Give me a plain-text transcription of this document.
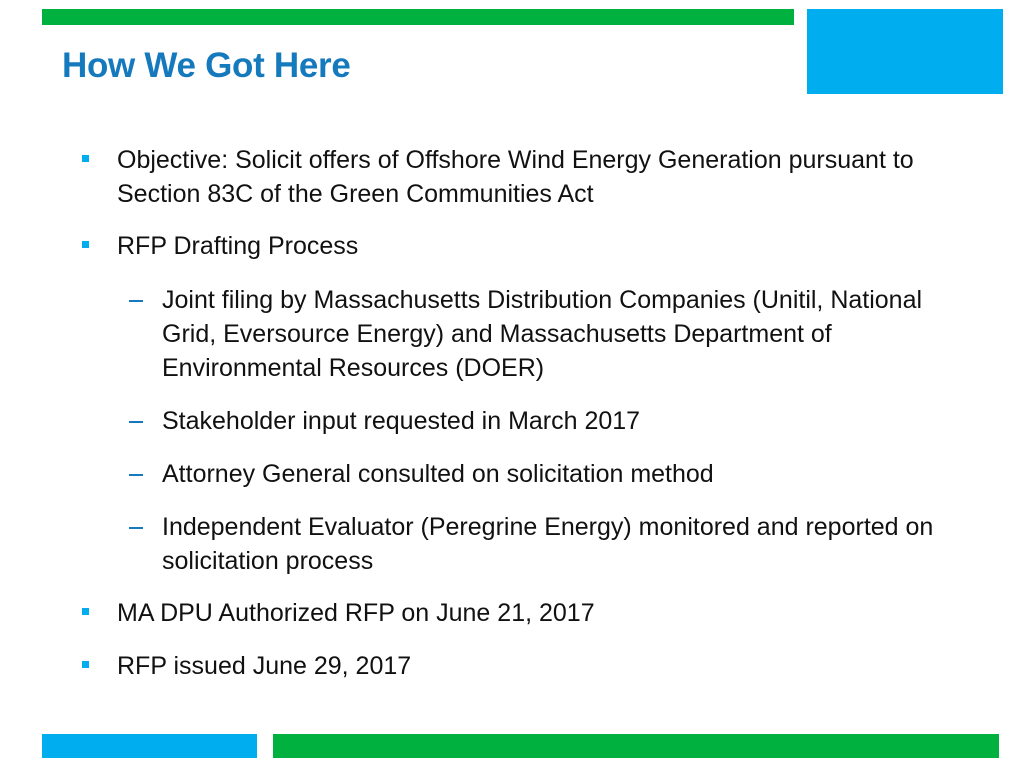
How We Got Here
Objective: Solicit offers of Offshore Wind Energy Generation pursuant to Section 83C of the Green Communities Act
RFP Drafting Process
Joint filing by Massachusetts Distribution Companies (Unitil, National Grid, Eversource Energy) and Massachusetts Department of Environmental Resources (DOER)
Stakeholder input requested in March 2017
Attorney General consulted on solicitation method
Independent Evaluator (Peregrine Energy) monitored and reported on solicitation process
MA DPU Authorized RFP on June 21, 2017
RFP issued June 29, 2017
